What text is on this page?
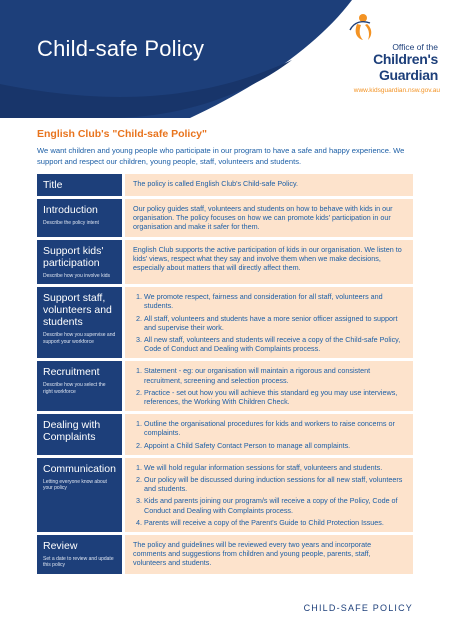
Child-safe Policy	Office of the
Children's
Guardian
www.kidsguardian.nsw.gov.au
English Club's "Child-safe Policy"
We want children and young people who participate in our program to have a safe and happy experience. We support and respect our children, young people, staff, volunteers and students.
Title	The policy is called English Club's Child-safe Policy.
Introduction
Describe the policy intent
Our policy guides staff, volunteers and students on how to behave with kids in our organisation. The policy focuses on how we can promote kids' participation in our organisation and make it safer for them.
Support kids' participation
Describe how you involve kids
English Club supports the active participation of kids in our organisation. We listen to kids' views, respect what they say and involve them when we make decisions, especially about matters that will directly affect them.
Support staff, volunteers and students
Describe how you supervise and support your workforce
1. We promote respect, fairness and consideration for all staff, volunteers and students.
2. All staff, volunteers and students have a more senior officer assigned to support and supervise their work.
3. All new staff, volunteers and students will receive a copy of the Child-safe Policy, Code of Conduct and Dealing with Complaints process.
Recruitment
Describe how you select the right workforce
1. Statement - eg: our organisation will maintain a rigorous and consistent recruitment, screening and selection process.
2. Practice - set out how you will achieve this standard eg you may use interviews, references, the Working With Children Check.
Dealing with Complaints
1. Outline the organisational procedures for kids and workers to raise concerns or complaints.
2. Appoint a Child Safety Contact Person to manage all complaints.
Communication
Letting everyone know about your policy
1. We will hold regular information sessions for staff, volunteers and students.
2. Our policy will be discussed during induction sessions for all new staff, volunteers and students.
3. Kids and parents joining our program/s will receive a copy of the Policy, Code of Conduct and Dealing with Complaints process.
4. Parents will receive a copy of the Parent's Guide to Child Protection Issues.
Review
Set a date to review and update this policy
The policy and guidelines will be reviewed every two years and incorporate comments and suggestions from children and young people, parents, staff, volunteers and students.
CHILD-SAFE POLICY
